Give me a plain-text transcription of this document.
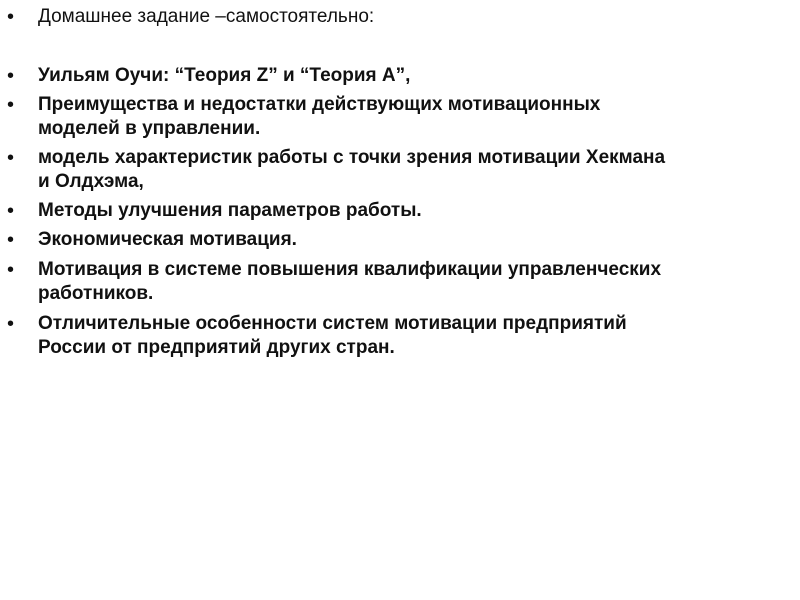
• Домашнее задание –самостоятельно:
• Уильям Оучи: “Теория Z” и “Теория A”,
• Преимущества и недостатки действующих мотивационных
моделей в управлении.
• модель характеристик работы с точки зрения мотивации Хекмана
и Олдхэма,
• Методы улучшения параметров работы.
• Экономическая мотивация.
• Мотивация в системе повышения квалификации управленческих
работников.
• Отличительные особенности систем мотивации предприятий
России от предприятий других стран.
